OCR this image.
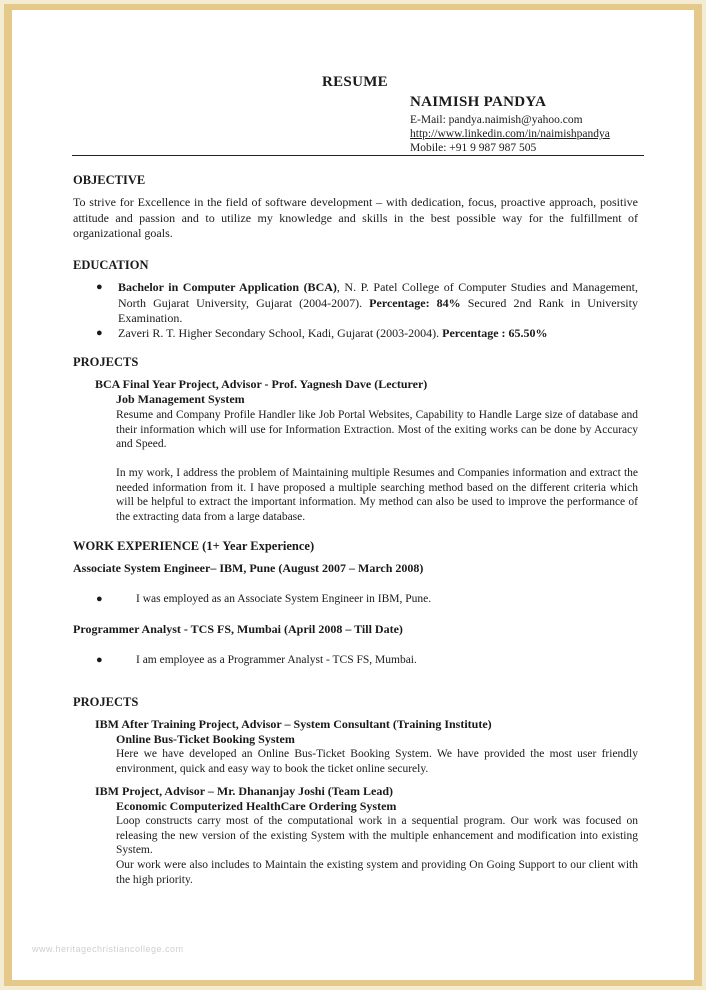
RESUME
NAIMISH PANDYA
E-Mail: pandya.naimish@yahoo.com
http://www.linkedin.com/in/naimishpandya
Mobile: +91 9 987 987 505
OBJECTIVE
To strive for Excellence in the field of software development – with dedication, focus, proactive approach, positive attitude and passion and to utilize my knowledge and skills in the best possible way for the fulfillment of organizational goals.
EDUCATION
●	Bachelor in Computer Application (BCA), N. P. Patel College of Computer Studies and Management, North Gujarat University, Gujarat (2004-2007). Percentage: 84% Secured 2nd Rank in University Examination.
●	Zaveri R. T. Higher Secondary School, Kadi, Gujarat (2003-2004). Percentage : 65.50%
PROJECTS
BCA Final Year Project, Advisor - Prof. Yagnesh Dave (Lecturer)
Job Management System
Resume and Company Profile Handler like Job Portal Websites, Capability to Handle Large size of database and their information which will use for Information Extraction. Most of the exiting works can be done by Accuracy and Speed.
In my work, I address the problem of Maintaining multiple Resumes and Companies information and extract the needed information from it. I have proposed a multiple searching method based on the different criteria which will be helpful to extract the important information. My method can also be used to improve the performance of the extracting data from a large database.
WORK EXPERIENCE (1+ Year Experience)
Associate System Engineer– IBM, Pune (August 2007 – March 2008)
●	I was employed as an Associate System Engineer in IBM, Pune.
Programmer Analyst - TCS FS, Mumbai (April 2008 – Till Date)
●	I am employee as a Programmer Analyst - TCS FS, Mumbai.
PROJECTS
IBM After Training Project, Advisor – System Consultant (Training Institute)
Online Bus-Ticket Booking System
Here we have developed an Online Bus-Ticket Booking System. We have provided the most user friendly environment, quick and easy way to book the ticket online securely.
IBM Project, Advisor – Mr. Dhananjay Joshi (Team Lead)
Economic Computerized HealthCare Ordering System
Loop constructs carry most of the computational work in a sequential program. Our work was focused on releasing the new version of the existing System with the multiple enhancement and modification into existing System.
Our work were also includes to Maintain the existing system and providing On Going Support to our client with the high priority.
www.heritagechristiancollege.com
